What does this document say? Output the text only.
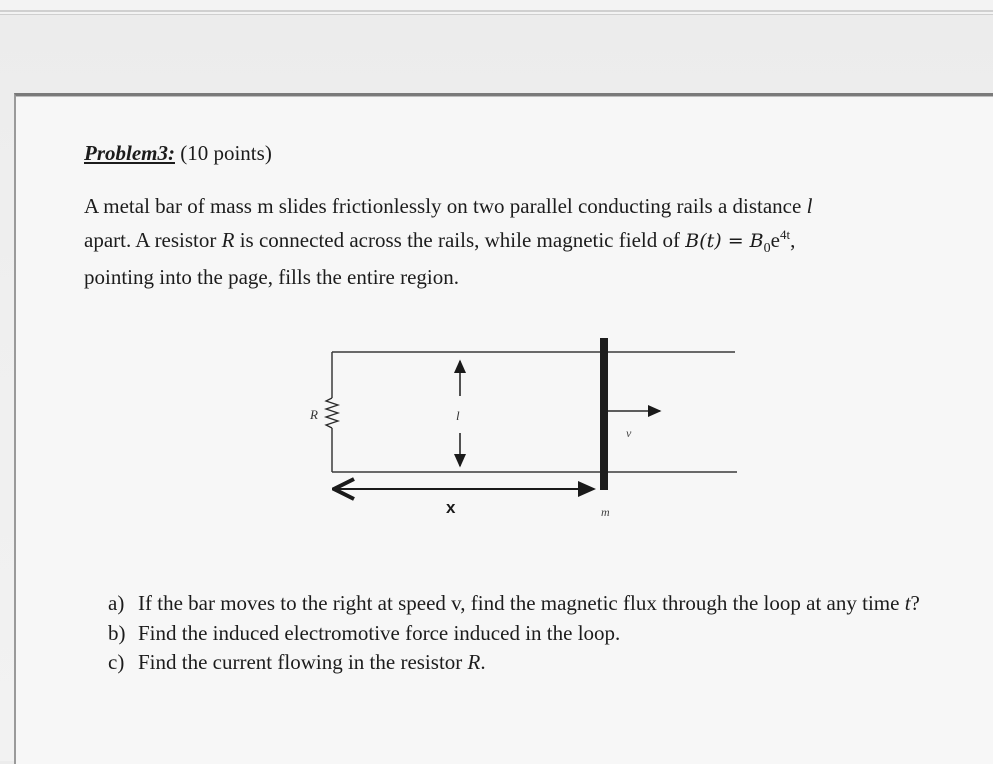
Problem3: (10 points)
A metal bar of mass m slides frictionlessly on two parallel conducting rails a distance l
apart. A resistor R is connected across the rails, while magnetic field of $B(t) = B_0e^{4t}$,
pointing into the page, fills the entire region.
R	l
v
m
x
a) If the bar moves to the right at speed v, find the magnetic flux through the loop at any time t?
b) Find the induced electromotive force induced in the loop.
c) Find the current flowing in the resistor R.
